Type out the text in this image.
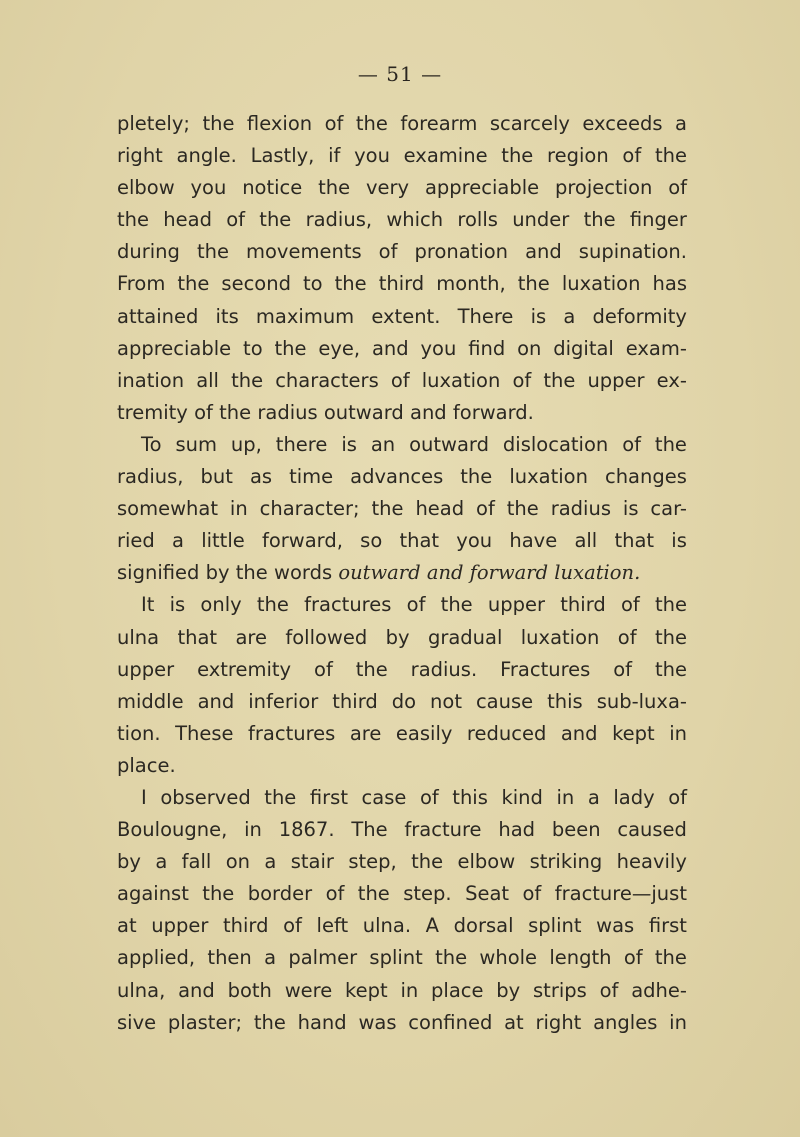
— 51 —
pletely; the flexion of the forearm scarcely exceeds a
right angle. Lastly, if you examine the region of the
elbow you notice the very appreciable projection of
the head of the radius, which rolls under the finger
during the movements of pronation and supination.
From the second to the third month, the luxation has
attained its maximum extent. There is a deformity
appreciable to the eye, and you find on digital exam-
ination all the characters of luxation of the upper ex-
tremity of the radius outward and forward.
To sum up, there is an outward dislocation of the
radius, but as time advances the luxation changes
somewhat in character; the head of the radius is car-
ried a little forward, so that you have all that is
signified by the words outward and forward luxation.
It is only the fractures of the upper third of the
ulna that are followed by gradual luxation of the
upper extremity of the radius. Fractures of the
middle and inferior third do not cause this sub-luxa-
tion. These fractures are easily reduced and kept in
place.
I observed the first case of this kind in a lady of
Boulougne, in 1867. The fracture had been caused
by a fall on a stair step, the elbow striking heavily
against the border of the step. Seat of fracture—just
at upper third of left ulna. A dorsal splint was first
applied, then a palmer splint the whole length of the
ulna, and both were kept in place by strips of adhe-
sive plaster; the hand was confined at right angles in
